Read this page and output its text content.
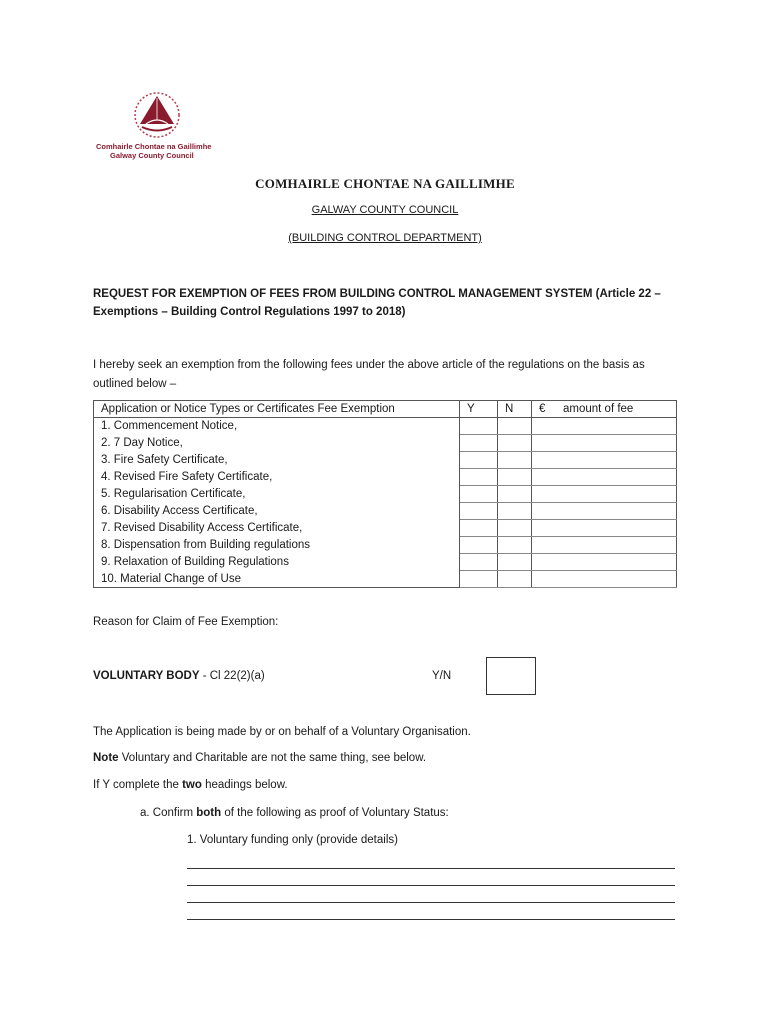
Comhairle Chontae na Gaillimhe
Galway County Council
COMHAIRLE CHONTAE NA GAILLIMHE
GALWAY COUNTY COUNCIL
(BUILDING CONTROL DEPARTMENT)
REQUEST FOR EXEMPTION OF FEES FROM BUILDING CONTROL MANAGEMENT SYSTEM (Article 22 – Exemptions – Building Control Regulations 1997 to 2018)
I hereby seek an exemption from the following fees under the above article of the regulations on the basis as outlined below –
Application or Notice Types or Certificates Fee Exemption	Y	N	€ amount of fee
1. Commencement Notice,			
2. 7 Day Notice,			
3. Fire Safety Certificate,			
4. Revised Fire Safety Certificate,			
5. Regularisation Certificate,			
6. Disability Access Certificate,			
7. Revised Disability Access Certificate,			
8. Dispensation from Building regulations			
9. Relaxation of Building Regulations			
10. Material Change of Use			
Reason for Claim of Fee Exemption:
VOLUNTARY BODY - Cl 22(2)(a)	Y/N
The Application is being made by or on behalf of a Voluntary Organisation.
Note Voluntary and Charitable are not the same thing, see below.
If Y complete the two headings below.
a. Confirm both of the following as proof of Voluntary Status:
1. Voluntary funding only (provide details)
